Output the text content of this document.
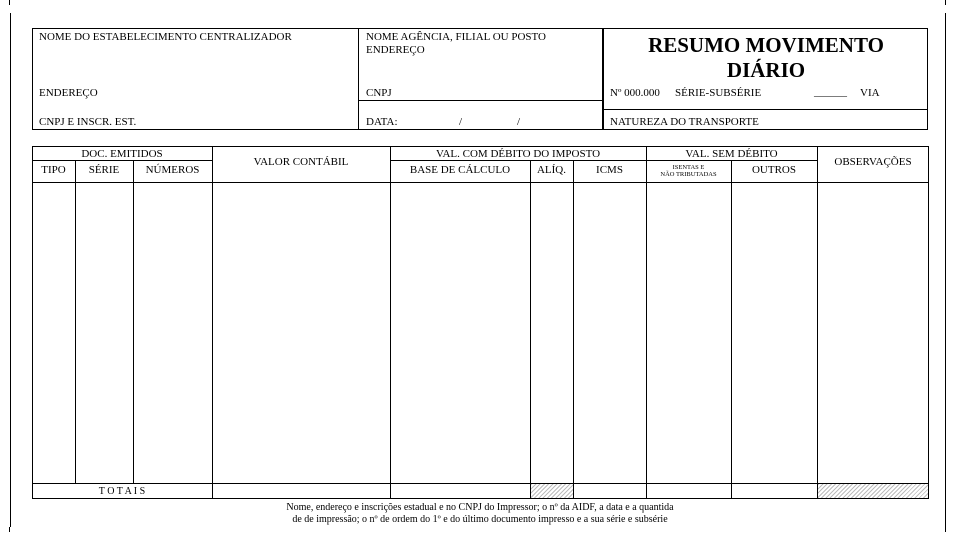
NOME DO ESTABELECIMENTO CENTRALIZADOR
ENDEREÇO
CNPJ E INSCR. EST.
NOME AGÊNCIA, FILIAL OU POSTO
ENDEREÇO
CNPJ
DATA:	/	/
RESUMO MOVIMENTO
DIÁRIO
Nº 000.000 SÉRIE-SUBSÉRIE	______ VIA
NATUREZA DO TRANSPORTE
DOC. EMITIDOS
TIPO	SÉRIE	NÚMEROS
VALOR CONTÁBIL
VAL. COM DÉBITO DO IMPOSTO
BASE DE CÁLCULO	ALÍQ.	ICMS
VAL. SEM DÉBITO
ISENTAS E
NÃO TRIBUTADAS	OUTROS
OBSERVAÇÕES
T O T A I S
Nome, endereço e inscrições estadual e no CNPJ do Impressor; o nº da AIDF, a data e a quantida
de de impressão; o nº de ordem do 1º e do último documento impresso e a sua série e subsérie
